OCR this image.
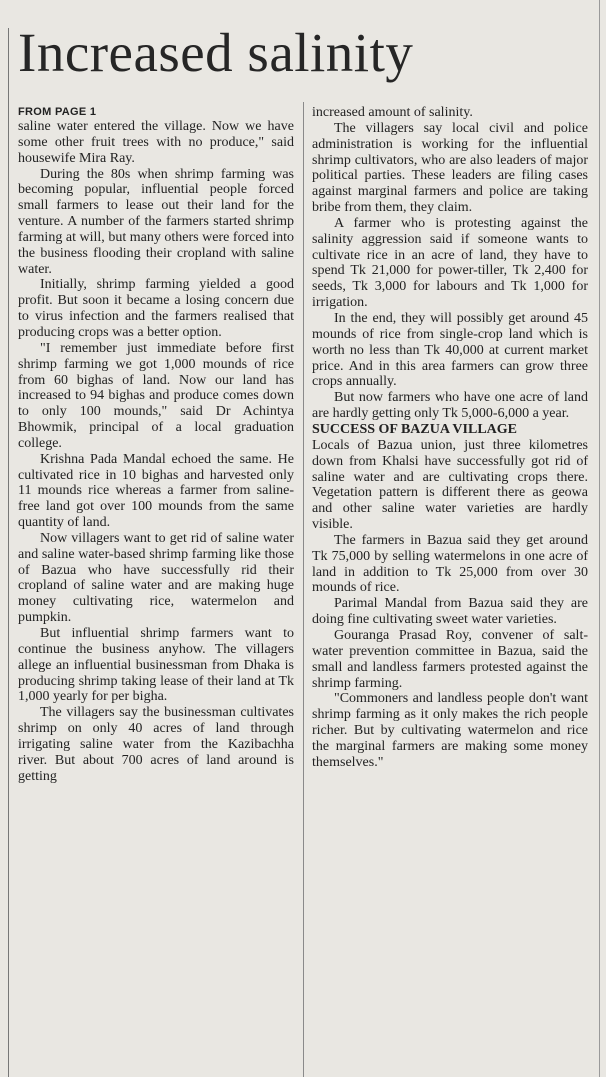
Increased salinity
FROM PAGE 1

saline water entered the village. Now we have some other fruit trees with no produce," said housewife Mira Ray.

During the 80s when shrimp farming was becoming popular, influential people forced small farmers to lease out their land for the venture. A number of the farmers started shrimp farming at will, but many others were forced into the business flooding their cropland with saline water.

Initially, shrimp farming yielded a good profit. But soon it became a losing concern due to virus infection and the farmers realised that producing crops was a better option.

"I remember just immediate before first shrimp farming we got 1,000 mounds of rice from 60 bighas of land. Now our land has increased to 94 bighas and produce comes down to only 100 mounds," said Dr Achintya Bhowmik, principal of a local graduation college.

Krishna Pada Mandal echoed the same. He cultivated rice in 10 bighas and harvested only 11 mounds rice whereas a farmer from saline-free land got over 100 mounds from the same quantity of land.

Now villagers want to get rid of saline water and saline water-based shrimp farming like those of Bazua who have successfully rid their cropland of saline water and are making huge money cultivating rice, watermelon and pumpkin.

But influential shrimp farmers want to continue the business anyhow. The villagers allege an influential businessman from Dhaka is producing shrimp taking lease of their land at Tk 1,000 yearly for per bigha.

The villagers say the businessman cultivates shrimp on only 40 acres of land through irrigating saline water from the Kazibachha river. But about 700 acres of land around is getting

increased amount of salinity.

The villagers say local civil and police administration is working for the influential shrimp cultivators, who are also leaders of major political parties. These leaders are filing cases against marginal farmers and police are taking bribe from them, they claim.

A farmer who is protesting against the salinity aggression said if someone wants to cultivate rice in an acre of land, they have to spend Tk 21,000 for power-tiller, Tk 2,400 for seeds, Tk 3,000 for labours and Tk 1,000 for irrigation.

In the end, they will possibly get around 45 mounds of rice from single-crop land which is worth no less than Tk 40,000 at current market price. And in this area farmers can grow three crops annually.

But now farmers who have one acre of land are hardly getting only Tk 5,000-6,000 a year.

SUCCESS OF BAZUA VILLAGE

Locals of Bazua union, just three kilometres down from Khalsi have successfully got rid of saline water and are cultivating crops there. Vegetation pattern is different there as geowa and other saline water varieties are hardly visible.

The farmers in Bazua said they get around Tk 75,000 by selling watermelons in one acre of land in addition to Tk 25,000 from over 30 mounds of rice.

Parimal Mandal from Bazua said they are doing fine cultivating sweet water varieties.

Gouranga Prasad Roy, convener of salt-water prevention committee in Bazua, said the small and landless farmers protested against the shrimp farming.

"Commoners and landless people don't want shrimp farming as it only makes the rich people richer. But by cultivating watermelon and rice the marginal farmers are making some money themselves."
